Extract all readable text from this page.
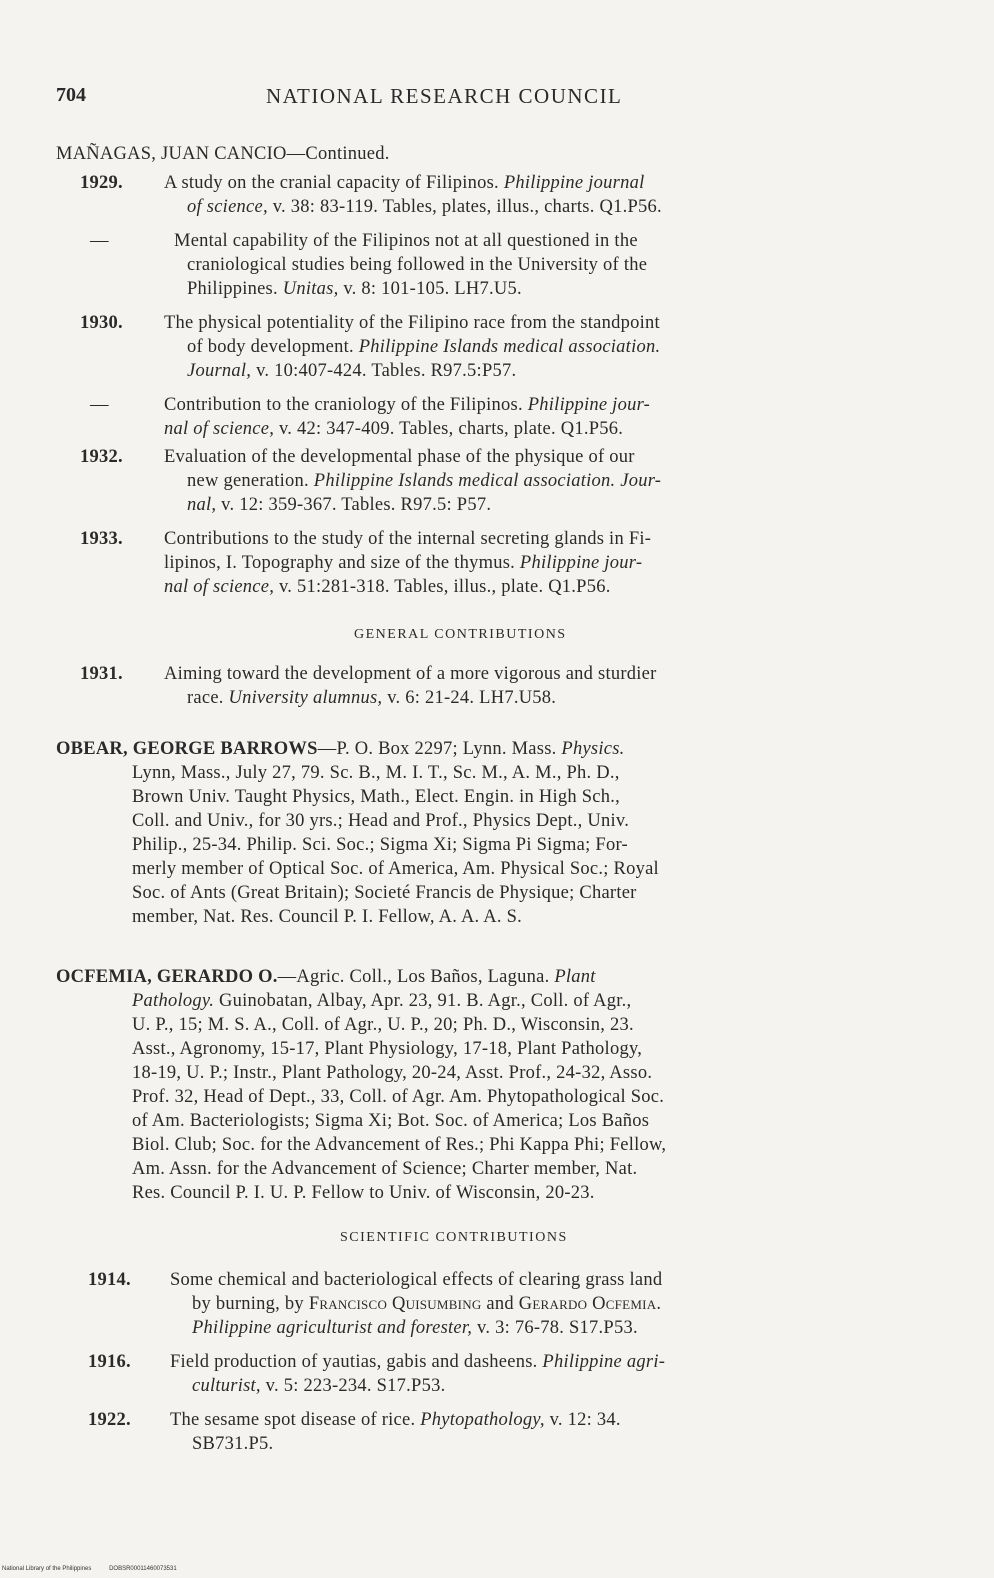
704	NATIONAL RESEARCH COUNCIL
MAÑAGAS, JUAN CANCIO—Continued.
1929. A study on the cranial capacity of Filipinos. Philippine journal
of science, v. 38: 83-119. Tables, plates, illus., charts. Q1.P56.
—	Mental capability of the Filipinos not at all questioned in the
craniological studies being followed in the University of the
Philippines. Unitas, v. 8: 101-105. LH7.U5.
1930. The physical potentiality of the Filipino race from the standpoint
of body development. Philippine Islands medical association.
Journal, v. 10:407-424. Tables. R97.5:P57.
—	Contribution to the craniology of the Filipinos. Philippine jour-
nal of science, v. 42: 347-409. Tables, charts, plate. Q1.P56.
1932. Evaluation of the developmental phase of the physique of our
new generation. Philippine Islands medical association. Jour-
nal, v. 12: 359-367. Tables. R97.5: P57.
1933. Contributions to the study of the internal secreting glands in Fi-
lipinos, I. Topography and size of the thymus. Philippine jour-
nal of science, v. 51:281-318. Tables, illus., plate. Q1.P56.
GENERAL CONTRIBUTIONS
1931. Aiming toward the development of a more vigorous and sturdier
race. University alumnus, v. 6: 21-24. LH7.U58.
OBEAR, GEORGE BARROWS—P. O. Box 2297; Lynn. Mass. Physics.
Lynn, Mass., July 27, 79. Sc. B., M. I. T., Sc. M., A. M., Ph. D.,
Brown Univ. Taught Physics, Math., Elect. Engin. in High Sch.,
Coll. and Univ., for 30 yrs.; Head and Prof., Physics Dept., Univ.
Philip., 25-34. Philip. Sci. Soc.; Sigma Xi; Sigma Pi Sigma; For-
merly member of Optical Soc. of America, Am. Physical Soc.; Royal
Soc. of Ants (Great Britain); Societé Francis de Physique; Charter
member, Nat. Res. Council P. I. Fellow, A. A. A. S.
OCFEMIA, GERARDO O.—Agric. Coll., Los Baños, Laguna. Plant
Pathology. Guinobatan, Albay, Apr. 23, 91. B. Agr., Coll. of Agr.,
U. P., 15; M. S. A., Coll. of Agr., U. P., 20; Ph. D., Wisconsin, 23.
Asst., Agronomy, 15-17, Plant Physiology, 17-18, Plant Pathology,
18-19, U. P.; Instr., Plant Pathology, 20-24, Asst. Prof., 24-32, Asso.
Prof. 32, Head of Dept., 33, Coll. of Agr. Am. Phytopathological Soc.
of Am. Bacteriologists; Sigma Xi; Bot. Soc. of America; Los Baños
Biol. Club; Soc. for the Advancement of Res.; Phi Kappa Phi; Fellow,
Am. Assn. for the Advancement of Science; Charter member, Nat.
Res. Council P. I. U. P. Fellow to Univ. of Wisconsin, 20-23.
SCIENTIFIC CONTRIBUTIONS
1914. Some chemical and bacteriological effects of clearing grass land
by burning, by Francisco Quisumbing and Gerardo Ocfemia.
Philippine agriculturist and forester, v. 3: 76-78. S17.P53.
1916. Field production of yautias, gabis and dasheens. Philippine agri-
culturist, v. 5: 223-234. S17.P53.
1922. The sesame spot disease of rice. Phytopathology, v. 12: 34.
SB731.P5.
National Library of the Philippines	DOBSR00011460073531
